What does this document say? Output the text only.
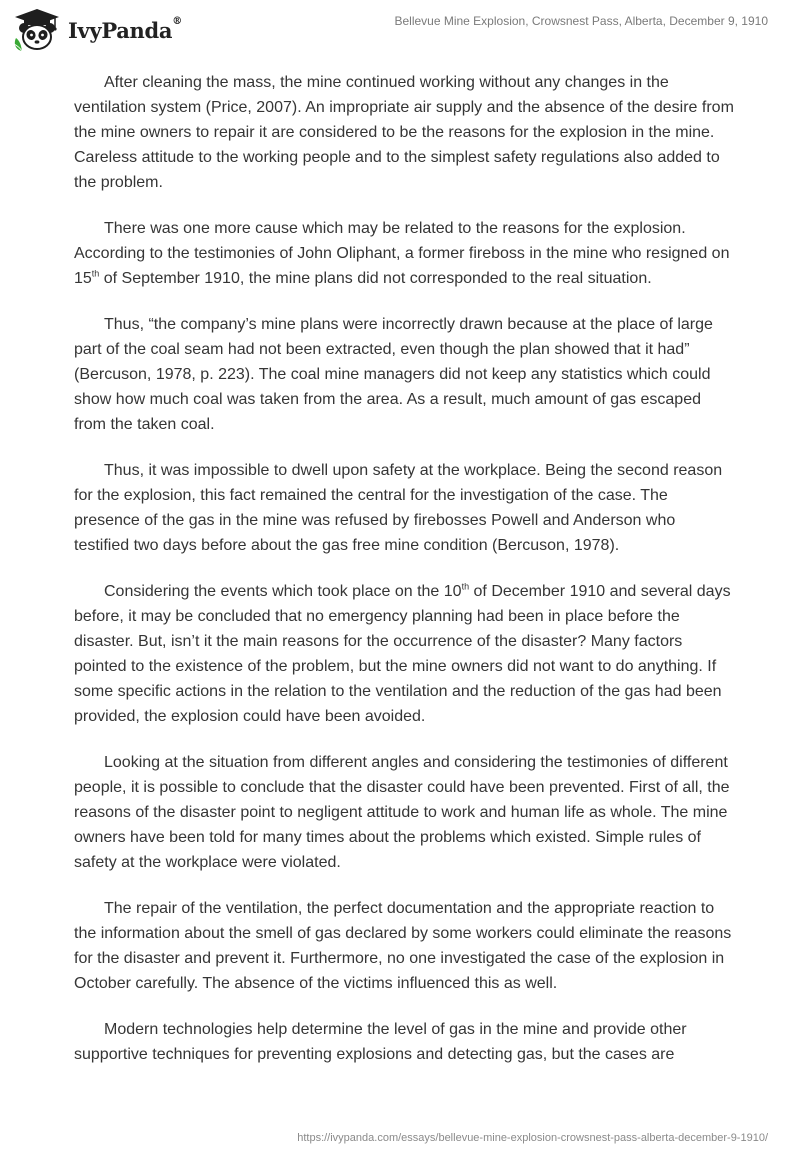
IvyPanda®	Bellevue Mine Explosion, Crowsnest Pass, Alberta, December 9, 1910

After cleaning the mass, the mine continued working without any changes in the ventilation system (Price, 2007). An impropriate air supply and the absence of the desire from the mine owners to repair it are considered to be the reasons for the explosion in the mine. Careless attitude to the working people and to the simplest safety regulations also added to the problem.

There was one more cause which may be related to the reasons for the explosion. According to the testimonies of John Oliphant, a former fireboss in the mine who resigned on 15th of September 1910, the mine plans did not corresponded to the real situation.

Thus, “the company’s mine plans were incorrectly drawn because at the place of large part of the coal seam had not been extracted, even though the plan showed that it had” (Bercuson, 1978, p. 223). The coal mine managers did not keep any statistics which could show how much coal was taken from the area. As a result, much amount of gas escaped from the taken coal.

Thus, it was impossible to dwell upon safety at the workplace. Being the second reason for the explosion, this fact remained the central for the investigation of the case. The presence of the gas in the mine was refused by firebosses Powell and Anderson who testified two days before about the gas free mine condition (Bercuson, 1978).

Considering the events which took place on the 10th of December 1910 and several days before, it may be concluded that no emergency planning had been in place before the disaster. But, isn’t it the main reasons for the occurrence of the disaster? Many factors pointed to the existence of the problem, but the mine owners did not want to do anything. If some specific actions in the relation to the ventilation and the reduction of the gas had been provided, the explosion could have been avoided.

Looking at the situation from different angles and considering the testimonies of different people, it is possible to conclude that the disaster could have been prevented. First of all, the reasons of the disaster point to negligent attitude to work and human life as whole. The mine owners have been told for many times about the problems which existed. Simple rules of safety at the workplace were violated.

The repair of the ventilation, the perfect documentation and the appropriate reaction to the information about the smell of gas declared by some workers could eliminate the reasons for the disaster and prevent it. Furthermore, no one investigated the case of the explosion in October carefully. The absence of the victims influenced this as well.

Modern technologies help determine the level of gas in the mine and provide other supportive techniques for preventing explosions and detecting gas, but the cases are

https://ivypanda.com/essays/bellevue-mine-explosion-crowsnest-pass-alberta-december-9-1910/
